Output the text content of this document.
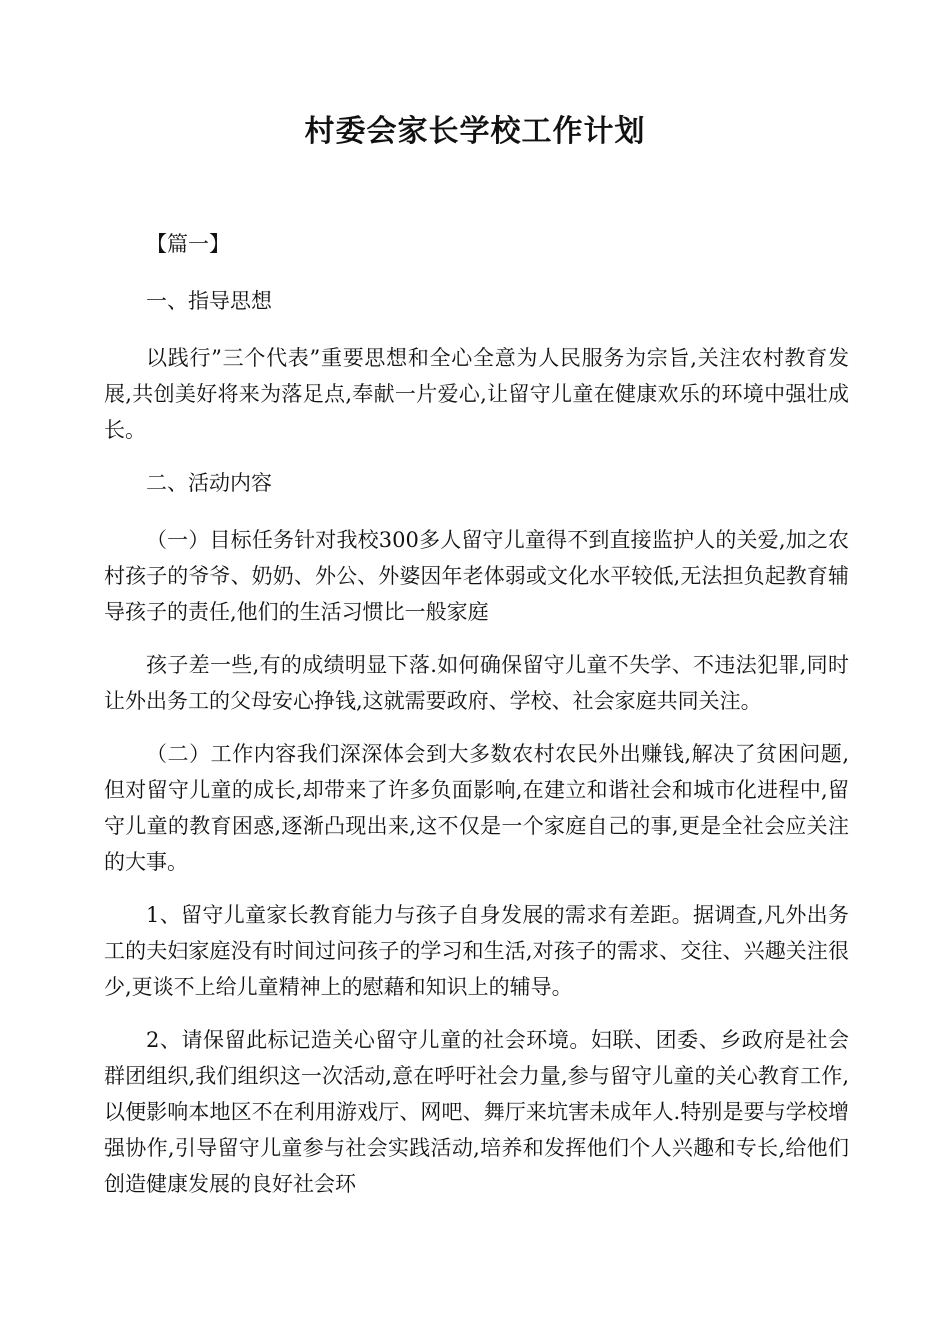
村委会家长学校工作计划

【篇一】

一、指导思想

以践行”三个代表”重要思想和全心全意为人民服务为宗旨,关注农村教育发展,共创美好将来为落足点,奉献一片爱心,让留守儿童在健康欢乐的环境中强壮成长。

二、活动内容

（一）目标任务针对我校300多人留守儿童得不到直接监护人的关爱,加之农村孩子的爷爷、奶奶、外公、外婆因年老体弱或文化水平较低,无法担负起教育辅导孩子的责任,他们的生活习惯比一般家庭

孩子差一些,有的成绩明显下落.如何确保留守儿童不失学、不违法犯罪,同时让外出务工的父母安心挣钱,这就需要政府、学校、社会家庭共同关注。

（二）工作内容我们深深体会到大多数农村农民外出赚钱,解决了贫困问题,但对留守儿童的成长,却带来了许多负面影响,在建立和谐社会和城市化进程中,留守儿童的教育困惑,逐渐凸现出来,这不仅是一个家庭自己的事,更是全社会应关注的大事。

1、留守儿童家长教育能力与孩子自身发展的需求有差距。据调查,凡外出务工的夫妇家庭没有时间过问孩子的学习和生活,对孩子的需求、交往、兴趣关注很少,更谈不上给儿童精神上的慰藉和知识上的辅导。

2、请保留此标记造关心留守儿童的社会环境。妇联、团委、乡政府是社会群团组织,我们组织这一次活动,意在呼吁社会力量,参与留守儿童的关心教育工作,以便影响本地区不在利用游戏厅、网吧、舞厅来坑害未成年人.特别是要与学校增强协作,引导留守儿童参与社会实践活动,培养和发挥他们个人兴趣和专长,给他们创造健康发展的良好社会环
